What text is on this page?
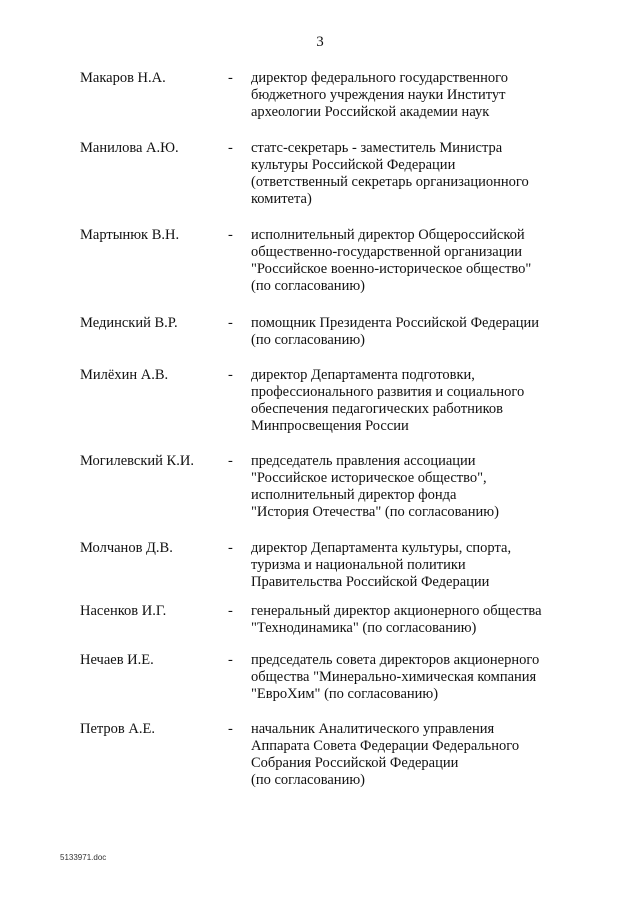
3
Макаров Н.А.	- директор федерального государственного
бюджетного учреждения науки Институт
археологии Российской академии наук
Манилова А.Ю.	- статс-секретарь - заместитель Министра
культуры Российской Федерации
(ответственный секретарь организационного
комитета)
Мартынюк В.Н.	- исполнительный директор Общероссийской
общественно-государственной организации
"Российское военно-историческое общество"
(по согласованию)
Мединский В.Р.	- помощник Президента Российской Федерации
(по согласованию)
Милёхин А.В.	- директор Департамента подготовки,
профессионального развития и социального
обеспечения педагогических работников
Минпросвещения России
Могилевский К.И. - председатель правления ассоциации
"Российское историческое общество",
исполнительный директор фонда
"История Отечества" (по согласованию)
Молчанов Д.В.	- директор Департамента культуры, спорта,
туризма и национальной политики
Правительства Российской Федерации
Насенков И.Г.	- генеральный директор акционерного общества
"Технодинамика" (по согласованию)
Нечаев И.Е.	- председатель совета директоров акционерного
общества "Минерально-химическая компания
"ЕвроХим" (по согласованию)
Петров А.Е.	- начальник Аналитического управления
Аппарата Совета Федерации Федерального
Собрания Российской Федерации
(по согласованию)
5133971.doc
